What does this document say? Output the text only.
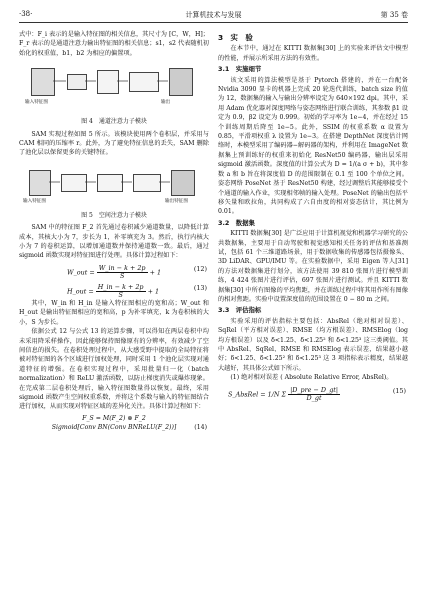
·38·	计算机技术与发展	第 35 卷

式中：F_i 表示的是输入特征图的相关信息，其尺寸为 [C，W，H]；F_r 表示的是通道注意力输出特征图的相关信息；s1，s2 代表随机初始化的权重值，b1，b2 为相应的偏置项。

输入特征图	输出
图 4　通道注意力子模块

SAM 实现过程如图 5 所示。该模块使用两个卷积层，并采用与 CAM 相同的压缩率 r。此外，为了避免特征信息的丢失，SAM 删除了池化层以保留更多的关键特征。

输入特征图	输出特征图
图 5　空间注意力子模块

SAM 中的特征图 F_2 首先通过卷积减少通道数量，以降低计算成本，其核大小为 7，步长为 1，补零填充为 3。然后，执行内核大小为 7 的卷积运算，以增加通道数并保持通道数一致。最后，通过 sigmoid 函数实现对特征图进行处理。具体计算过程如下：

W_out = $\frac{W\_in - k + 2p}{S} + 1$	(12)
H_out = $\frac{H\_in - k + 2p}{S} + 1$	(13)

其中，W_in 和 H_in 是输入特征图相应的宽和高；W_out 和 H_out 是输出特征图相应的宽和高，p 为补零填充，k 为卷积核的大小，S 为步长。

依据公式 12 与公式 13 的运算步骤，可以得知在两层卷积中均未采用降采样操作，因此能够保持图像原有的分辨率，有效减少了空间信息的损失。在卷积处理过程中，从大感受野中提取的全局特征将被对特征图的各个区域进行加权处理，同时采用 1 个池化层实现对通道特征的增强。在卷积实现过程中，采用批量归一化（batch normalization）和 ReLU 激活函数，以防止梯度消失或爆炸现象。在完成第二层卷积处理后，输入特征图数量得以恢复。最终，采用 sigmoid 函数产生空间权重系数，并将这个系数与输入的特征图结合进行加权，从而实现对特征区域的差异化关注。具体计算过程如下：

F_S = M(F_2) ⊗ F_2
Sigmoid[Conv BN(Conv BNReLU(F_2))]	(14)
3　实　验

在本节中，通过在 KITTI 数据集[30] 上的实验来评估文中模型的性能，并展示所采用方法的有效性。

3.1　实施细节

该文采用的算法模型是基于 Pytorch 搭建的，并在一台配备 Nvidia 3090 显卡的机器上完成 20 轮迭代训练，batch size 的值为 12，数据集的输入与输出分辨率设定为 640×192 dpi。其中，采用 Adam 优化器对深度网络与姿态网络进行联合训练，其参数 β1 设定为 0.9，β2 设定为 0.999。初始的学习率为 1e−4，并在经过 15 个训练周期后降至 1e−5。此外，SSIM 的权重系数 α 设置为 0.85，平滑项权重 λ 设置为 1e−3。在搭建 DepthNet 深度估计网络时，本模型采用了编码器−解码器的架构，并利用在 ImageNet 数据集上预训练好的权重来初始化 ResNet50 编码器，输出层采用 sigmoid 激活函数。深度值的计算公式为 D = 1/(a σ + b)，其中参数 a 和 b 旨在将深度值 D 的范围限制在 0.1 至 100 个单位之间。姿态网络 PoseNet 基于 ResNet50 构建，经过调整后其能够接受个个通道的输入作业，实现相邻帧的输入处理。PoseNet 的输出包括平移矢量和欧拉角，共同构成了六自由度的相对姿态估计，其比例为 0.01。

3.2　数据集

KITTI 数据集[30] 是广泛应用于计算机视觉和机器学习研究的公共数据集，主要用于自动驾驶和视觉感知相关任务的评估和基准测试，包括 61 个三维道路场景，用于数据收集的传感器包括摄像头、3D LiDAR、GPU/IMU 等。在实验数据中，采用 Eigen 等人[31] 的方法对数据集进行划分，该方法使用 39 810 张图片进行模型训练，4 424 张图片进行评估，697 张图片进行测试。并且 KITTI 数据集[30] 中所有图像的平均焦距，并在训练过程中将其用作所有图像的相对焦距。实验中设置深度值的范围设置在 0 − 80 m 之间。

3.3　评估指标

实验采用的评估指标主要包括：AbsRel（绝对相对误差）、SqRel（平方相对误差）、RMSE（均方根误差）、RMSElog（log 均方根误差）以及 δ<1.25、δ<1.25² 和 δ<1.25³ 这三类阈值。其中 AbsRel、SqRel、RMSE 和 RMSElog 表示误差，结果越小越好；δ<1.25、δ<1.25² 和 δ<1.25³ 这 3 项指标表示精度，结果越大越好，其具体公式如下所示。

(1) 绝对相对误差 ( Absolute Relative Error, AbsRel)。

S_AbsRel = 1/N Σ $\frac{\text{|D\_pre − D\_gt|}}{D\_gt}$	(15)
